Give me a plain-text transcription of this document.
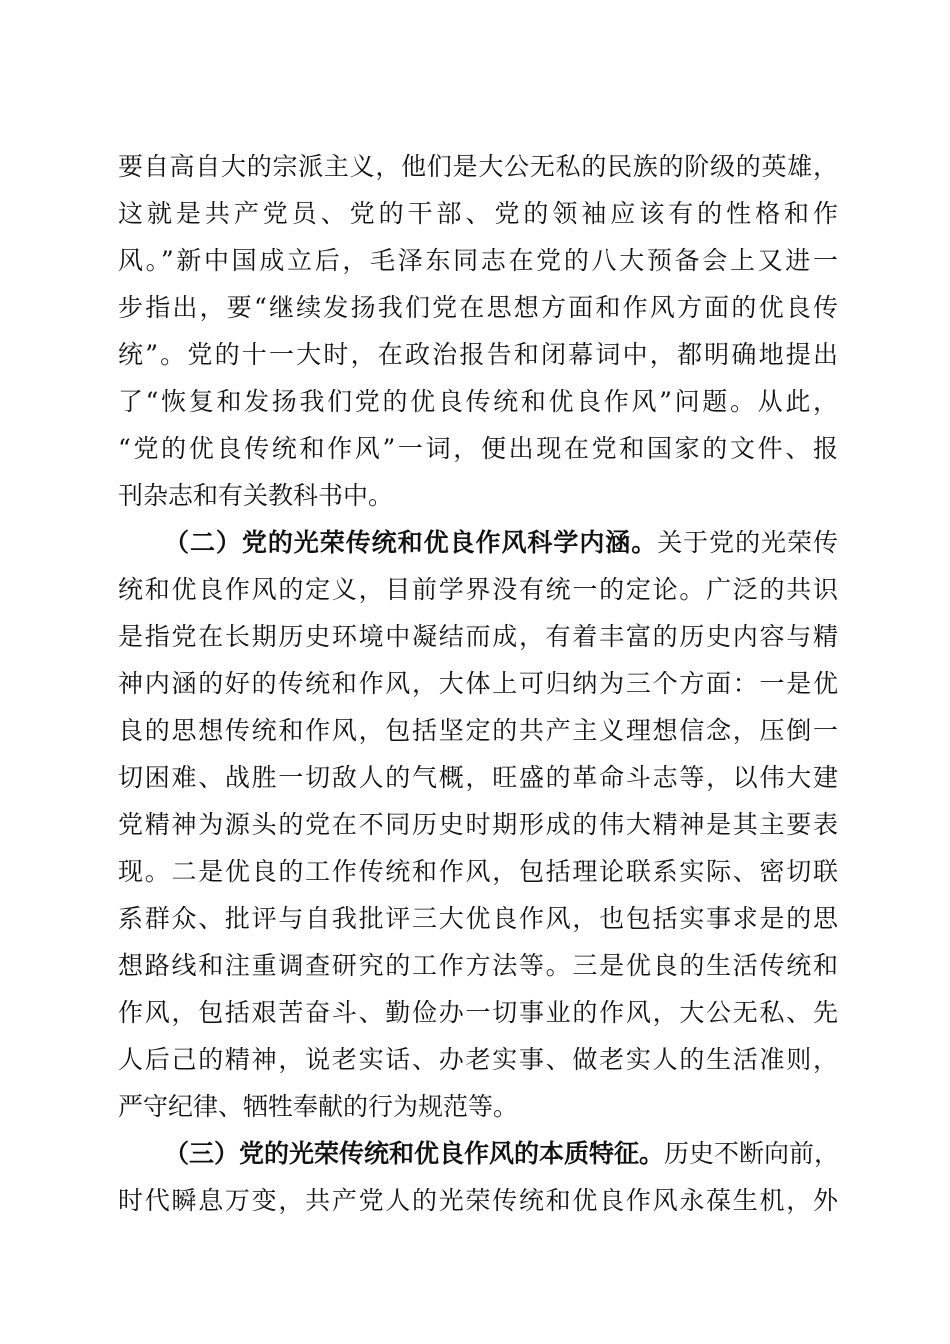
要自高自大的宗派主义，他们是大公无私的民族的阶级的英雄，
这就是共产党员、党的干部、党的领袖应该有的性格和作
风。”新中国成立后，毛泽东同志在党的八大预备会上又进一
步指出，要“继续发扬我们党在思想方面和作风方面的优良传
统”。党的十一大时，在政治报告和闭幕词中，都明确地提出
了“恢复和发扬我们党的优良传统和优良作风”问题。从此，
“党的优良传统和作风”一词，便出现在党和国家的文件、报
刊杂志和有关教科书中。
（二）党的光荣传统和优良作风科学内涵。关于党的光荣传
统和优良作风的定义，目前学界没有统一的定论。广泛的共识
是指党在长期历史环境中凝结而成，有着丰富的历史内容与精
神内涵的好的传统和作风，大体上可归纳为三个方面：一是优
良的思想传统和作风，包括坚定的共产主义理想信念，压倒一
切困难、战胜一切敌人的气概，旺盛的革命斗志等，以伟大建
党精神为源头的党在不同历史时期形成的伟大精神是其主要表
现。二是优良的工作传统和作风，包括理论联系实际、密切联
系群众、批评与自我批评三大优良作风，也包括实事求是的思
想路线和注重调查研究的工作方法等。三是优良的生活传统和
作风，包括艰苦奋斗、勤俭办一切事业的作风，大公无私、先
人后己的精神，说老实话、办老实事、做老实人的生活准则，
严守纪律、牺牲奉献的行为规范等。
（三）党的光荣传统和优良作风的本质特征。历史不断向前，
时代瞬息万变，共产党人的光荣传统和优良作风永葆生机，外
